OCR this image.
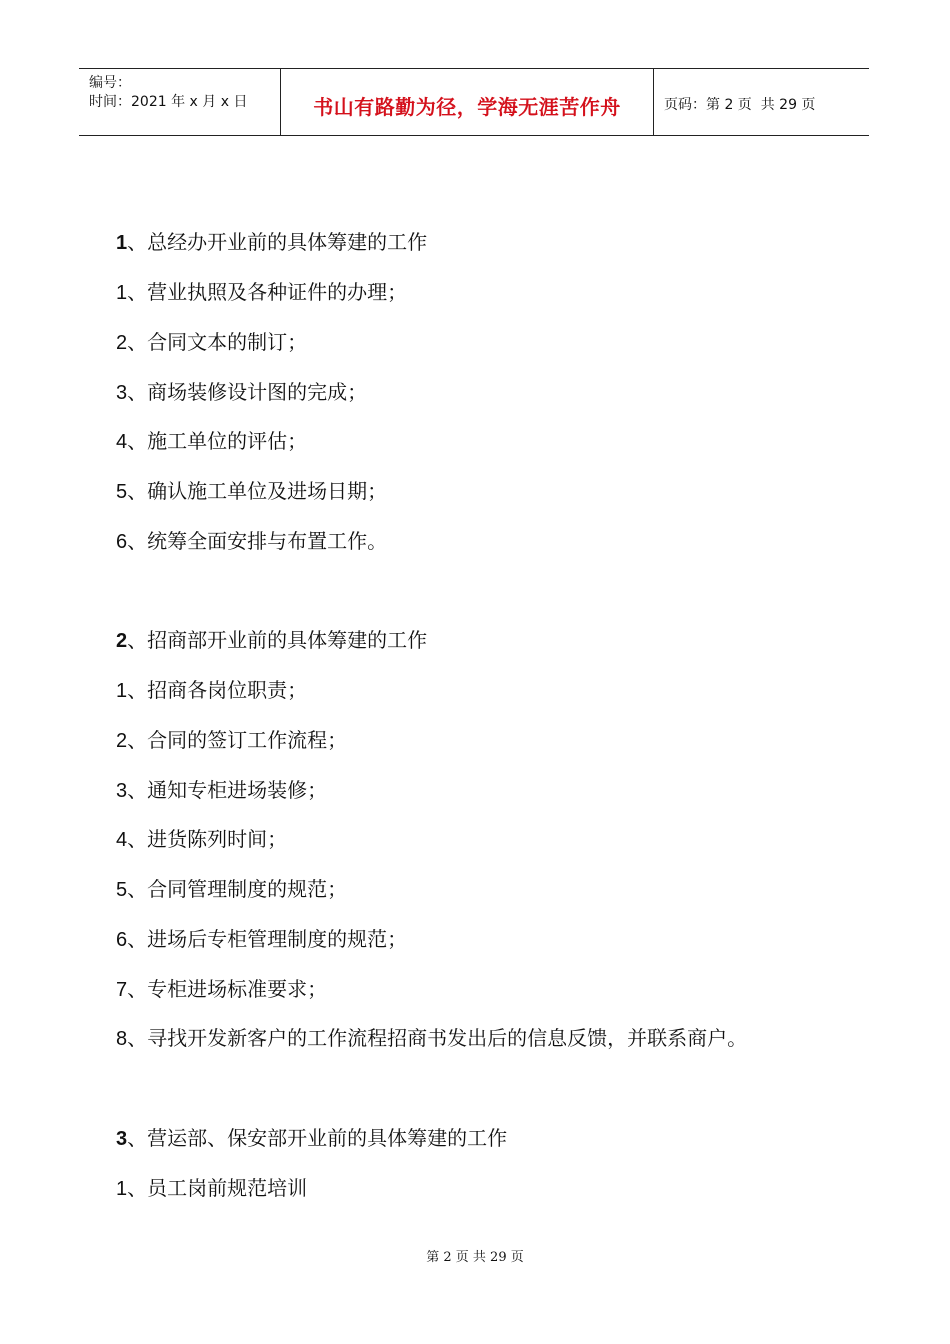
编号：
时间：2021 年 x 月 x 日	书山有路勤为径，学海无涯苦作舟	页码：第 2 页  共 29 页
1、总经办开业前的具体筹建的工作
1、营业执照及各种证件的办理；
2、合同文本的制订；
3、商场装修设计图的完成；
4、施工单位的评估；
5、确认施工单位及进场日期；
6、统筹全面安排与布置工作。
2、招商部开业前的具体筹建的工作
1、招商各岗位职责；
2、合同的签订工作流程；
3、通知专柜进场装修；
4、进货陈列时间；
5、合同管理制度的规范；
6、进场后专柜管理制度的规范；
7、专柜进场标准要求；
8、寻找开发新客户的工作流程招商书发出后的信息反馈，并联系商户。
3、营运部、保安部开业前的具体筹建的工作
1、员工岗前规范培训
第 2 页 共 29 页
